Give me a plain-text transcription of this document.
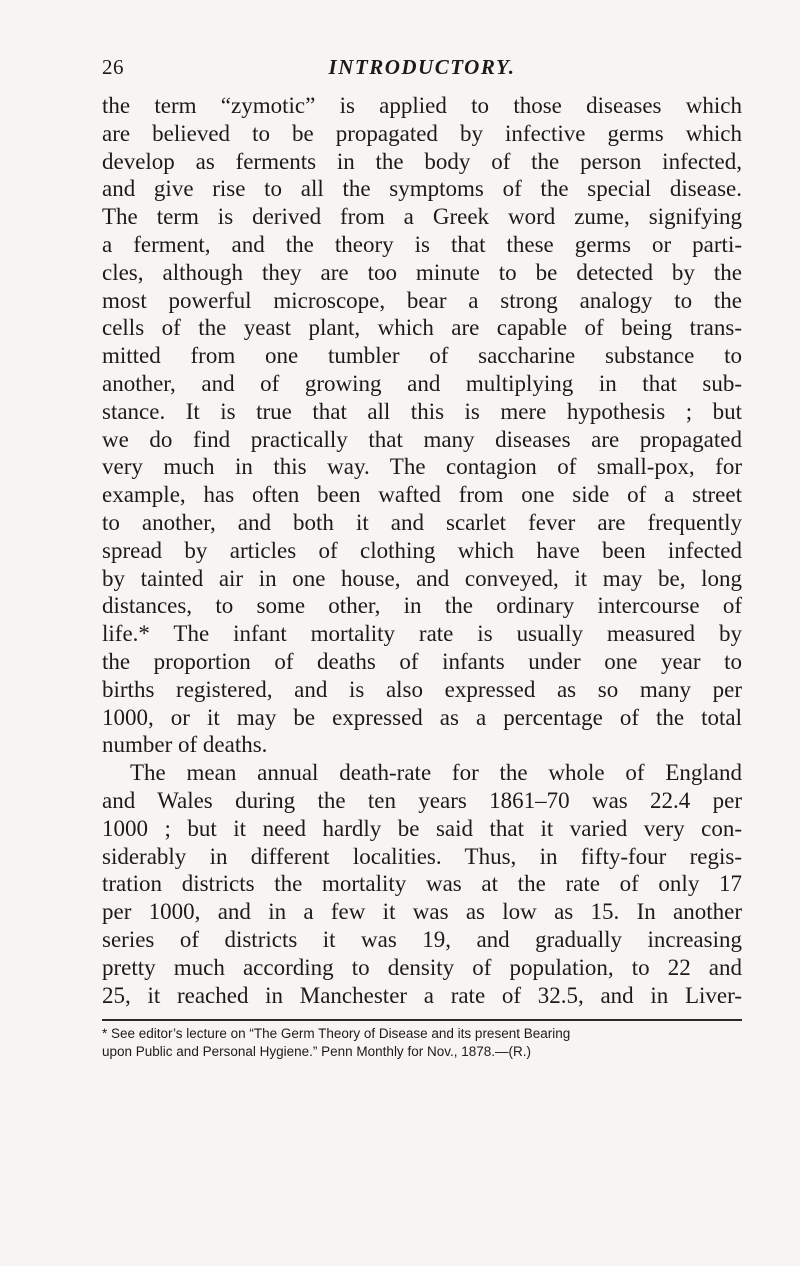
26	INTRODUCTORY.
the term “zymotic” is applied to those diseases which
are believed to be propagated by infective germs which
develop as ferments in the body of the person infected,
and give rise to all the symptoms of the special disease.
The term is derived from a Greek word zume, signifying
a ferment, and the theory is that these germs or parti-
cles, although they are too minute to be detected by the
most powerful microscope, bear a strong analogy to the
cells of the yeast plant, which are capable of being trans-
mitted from one tumbler of saccharine substance to
another, and of growing and multiplying in that sub-
stance. It is true that all this is mere hypothesis ; but
we do find practically that many diseases are propagated
very much in this way. The contagion of small-pox, for
example, has often been wafted from one side of a street
to another, and both it and scarlet fever are frequently
spread by articles of clothing which have been infected
by tainted air in one house, and conveyed, it may be, long
distances, to some other, in the ordinary intercourse of
life.* The infant mortality rate is usually measured by
the proportion of deaths of infants under one year to
births registered, and is also expressed as so many per
1000, or it may be expressed as a percentage of the total
number of deaths.
The mean annual death-rate for the whole of England
and Wales during the ten years 1861–70 was 22.4 per
1000 ; but it need hardly be said that it varied very con-
siderably in different localities. Thus, in fifty-four regis-
tration districts the mortality was at the rate of only 17
per 1000, and in a few it was as low as 15. In another
series of districts it was 19, and gradually increasing
pretty much according to density of population, to 22 and
25, it reached in Manchester a rate of 32.5, and in Liver-
* See editor’s lecture on “The Germ Theory of Disease and its present Bearing
upon Public and Personal Hygiene.” Penn Monthly for Nov., 1878.—(R.)
